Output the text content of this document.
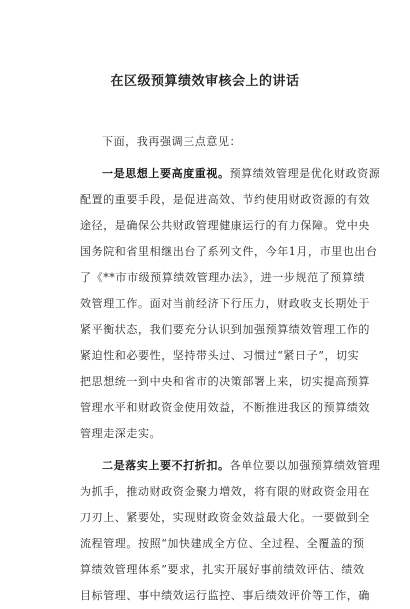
在区级预算绩效审核会上的讲话

下面，我再强调三点意见：

一是思想上要高度重视。预算绩效管理是优化财政资源
配置的重要手段，是促进高效、节约使用财政资源的有效
途径，是确保公共财政管理健康运行的有力保障。党中央
国务院和省里相继出台了系列文件，今年1月，市里也出台
了《**市市级预算绩效管理办法》，进一步规范了预算绩
效管理工作。面对当前经济下行压力，财政收支长期处于
紧平衡状态，我们要充分认识到加强预算绩效管理工作的
紧迫性和必要性，坚持带头过、习惯过“紧日子”，切实
把思想统一到中央和省市的决策部署上来，切实提高预算
管理水平和财政资金使用效益，不断推进我区的预算绩效
管理走深走实。

二是落实上要不打折扣。各单位要以加强预算绩效管理
为抓手，推动财政资金聚力增效，将有限的财政资金用在
刀刃上、紧要处，实现财政资金效益最大化。一要做到全
流程管理。按照“加快建成全方位、全过程、全覆盖的预
算绩效管理体系”要求，扎实开展好事前绩效评估、绩效
目标管理、事中绩效运行监控、事后绩效评价等工作，确
